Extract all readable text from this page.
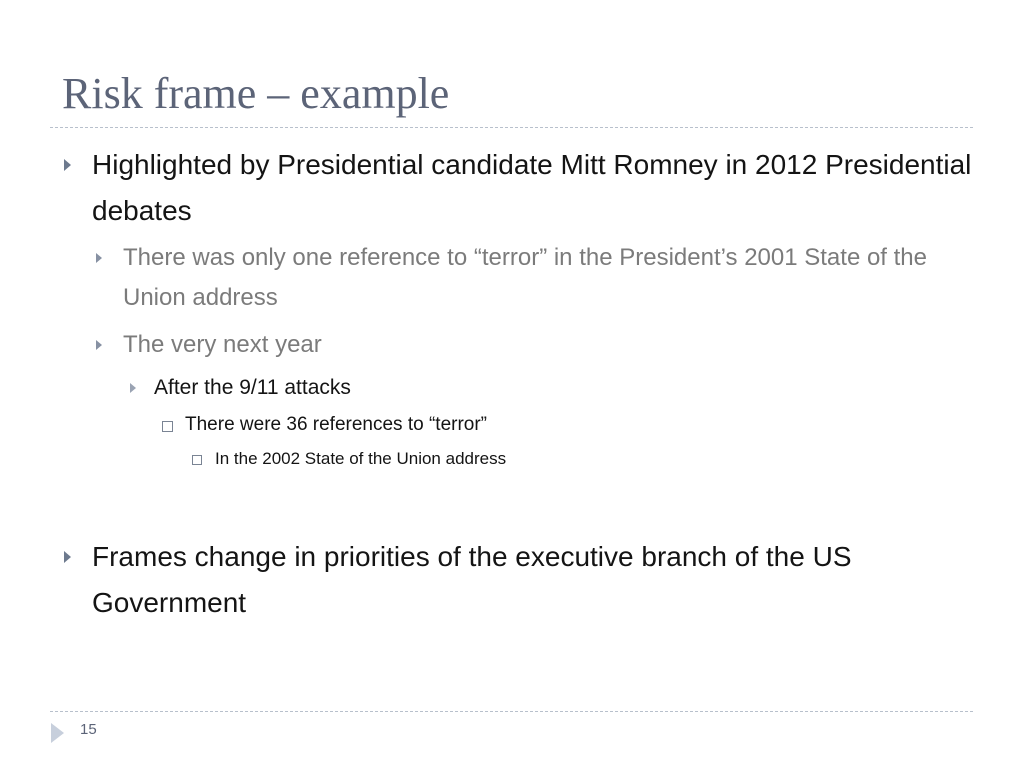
Risk frame – example
Highlighted by Presidential candidate Mitt Romney in 2012 Presidential debates
There was only one reference to “terror” in the President’s 2001 State of the Union address
The very next year
After the 9/11 attacks
There were 36 references to “terror”
In the 2002 State of the Union address
Frames change in priorities of the executive branch of the US Government
15
